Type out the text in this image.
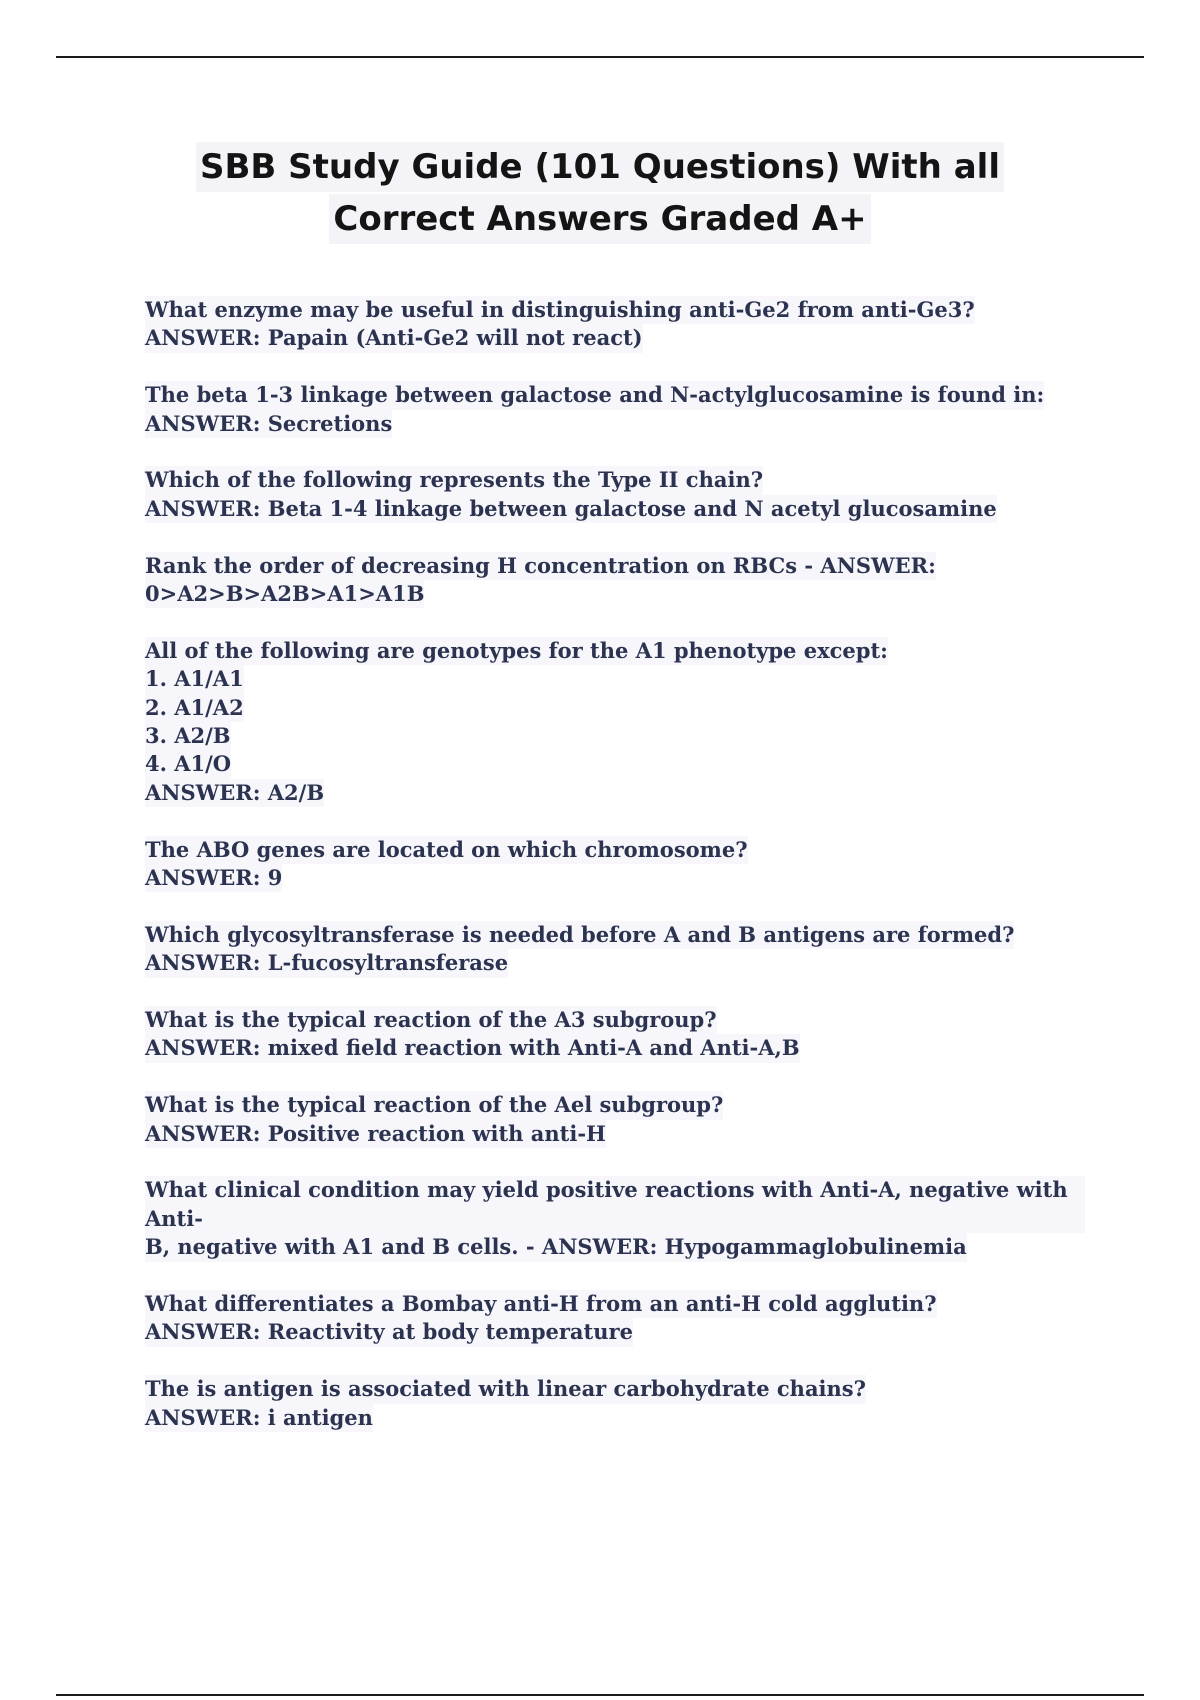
SBB Study Guide (101 Questions) With all
Correct Answers Graded A+
What enzyme may be useful in distinguishing anti-Ge2 from anti-Ge3?
ANSWER: Papain (Anti-Ge2 will not react)
The beta 1-3 linkage between galactose and N-actylglucosamine is found in:
ANSWER: Secretions
Which of the following represents the Type II chain?
ANSWER: Beta 1-4 linkage between galactose and N acetyl glucosamine
Rank the order of decreasing H concentration on RBCs - ANSWER:
0>A2>B>A2B>A1>A1B
All of the following are genotypes for the A1 phenotype except:
1. A1/A1
2. A1/A2
3. A2/B
4. A1/O
ANSWER: A2/B
The ABO genes are located on which chromosome?
ANSWER: 9
Which glycosyltransferase is needed before A and B antigens are formed?
ANSWER: L-fucosyltransferase
What is the typical reaction of the A3 subgroup?
ANSWER: mixed field reaction with Anti-A and Anti-A,B
What is the typical reaction of the Ael subgroup?
ANSWER: Positive reaction with anti-H
What clinical condition may yield positive reactions with Anti-A, negative with Anti-
B, negative with A1 and B cells. - ANSWER: Hypogammaglobulinemia
What differentiates a Bombay anti-H from an anti-H cold agglutin?
ANSWER: Reactivity at body temperature
The is antigen is associated with linear carbohydrate chains?
ANSWER: i antigen
